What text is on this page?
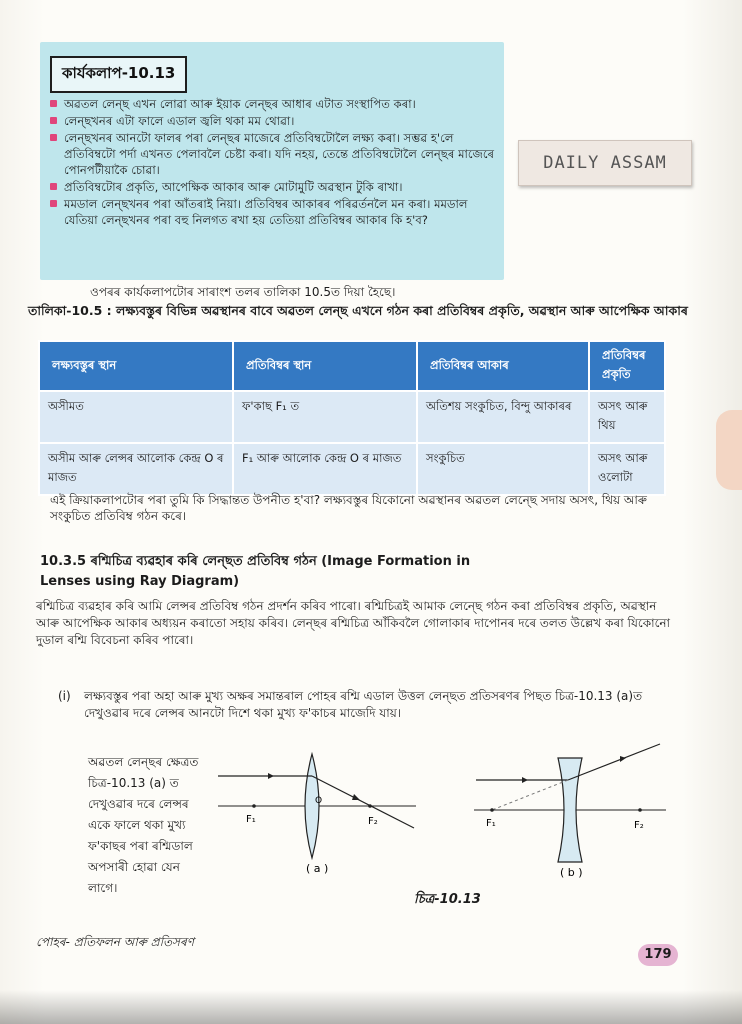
কাৰ্যকলাপ-10.13
অৱতল লেন্ছ এখন লোৱা আৰু ইয়াক লেন্ছৰ আধাৰ এটাত সংস্থাপিত কৰা।
লেন্ছখনৰ এটা ফালে এডাল জ্বলি থকা মম থোৱা।
লেন্ছখনৰ আনটো ফালৰ পৰা লেন্ছৰ মাজেৰে প্ৰতিবিম্বটোলৈ লক্ষ্য কৰা। সম্ভৱ হ'লে প্ৰতিবিম্বটো পৰ্দা এখনত পেলাবলৈ চেষ্টা কৰা। যদি নহয়, তেন্তে প্ৰতিবিম্বটোলৈ লেন্ছৰ মাজেৰে পোনপটীয়াকৈ চোৱা।
প্ৰতিবিম্বটোৰ প্ৰকৃতি, আপেক্ষিক আকাৰ আৰু মোটামুটি অৱস্থান টুকি ৰাখা।
মমডাল লেন্ছখনৰ পৰা আঁতৰাই নিয়া। প্ৰতিবিম্বৰ আকাৰৰ পৰিৱৰ্তনলৈ মন কৰা। মমডাল যেতিয়া লেন্ছখনৰ পৰা বহু নিলগত ৰখা হয় তেতিয়া প্ৰতিবিম্বৰ আকাৰ কি হ'ব?
DAILY ASSAM
ওপৰৰ কাৰ্যকলাপটোৰ সাৰাংশ তলৰ তালিকা 10.5ত দিয়া হৈছে।
তালিকা-10.5 : লক্ষ্যবস্তুৰ বিভিন্ন অৱস্থানৰ বাবে অৱতল লেন্ছ এখনে গঠন কৰা প্ৰতিবিম্বৰ প্ৰকৃতি, অৱস্থান আৰু আপেক্ষিক আকাৰ
লক্ষ্যবস্তুৰ স্থান	প্ৰতিবিম্বৰ স্থান	প্ৰতিবিম্বৰ আকাৰ	প্ৰতিবিম্বৰ প্ৰকৃতি
অসীমত	ফ'কাছ F₁ ত	অতিশয় সংকুচিত, বিন্দু আকাৰৰ	অসৎ আৰু থিয়
অসীম আৰু লেন্সৰ আলোক কেন্দ্ৰ O ৰ মাজত	F₁ আৰু আলোক কেন্দ্ৰ O ৰ মাজত	সংকুচিত	অসৎ আৰু ওলোটা
এই ক্ৰিয়াকলাপটোৰ পৰা তুমি কি সিদ্ধান্তত উপনীত হ'বা? লক্ষ্যবস্তুৰ যিকোনো অৱস্থানৰ অৱতল লেন্ছে সদায় অসৎ, থিয় আৰু সংকুচিত প্ৰতিবিম্ব গঠন কৰে।
10.3.5 ৰশ্মিচিত্ৰ ব্যৱহাৰ কৰি লেন্ছত প্ৰতিবিম্ব গঠন (Image Formation in Lenses using Ray Diagram)
ৰশ্মিচিত্ৰ ব্যৱহাৰ কৰি আমি লেন্সৰ প্ৰতিবিম্ব গঠন প্ৰদৰ্শন কৰিব পাৰো। ৰশ্মিচিত্ৰই আমাক লেন্ছে গঠন কৰা প্ৰতিবিম্বৰ প্ৰকৃতি, অৱস্থান আৰু আপেক্ষিক আকাৰ অধ্যয়ন কৰাতো সহায় কৰিব। লেন্ছৰ ৰশ্মিচিত্ৰ আঁকিবলৈ গোলাকাৰ দাপোনৰ দৰে তলত উল্লেখ কৰা যিকোনো দুডাল ৰশ্মি বিবেচনা কৰিব পাৰো।
(i) লক্ষ্যবস্তুৰ পৰা অহা আৰু মুখ্য অক্ষৰ সমান্তৰাল পোহৰ ৰশ্মি এডাল উত্তল লেন্ছত প্ৰতিসৰণৰ পিছত চিত্ৰ-10.13 (a)ত দেখুওৱাৰ দৰে লেন্সৰ আনটো দিশে থকা মুখ্য ফ'কাচৰ মাজেদি যায়।
অৱতল লেন্ছৰ ক্ষেত্ৰত চিত্ৰ-10.13 (a) ত দেখুওৱাৰ দৰে লেন্সৰ একে ফালে থকা মুখ্য ফ'কাছৰ পৰা ৰশ্মিডাল অপসাৰী হোৱা যেন লাগে।
F₁	F₂
O
( a )
F₁	F₂
( b )
চিত্ৰ-10.13
পোহৰ- প্ৰতিফলন আৰু প্ৰতিসৰণ
179
